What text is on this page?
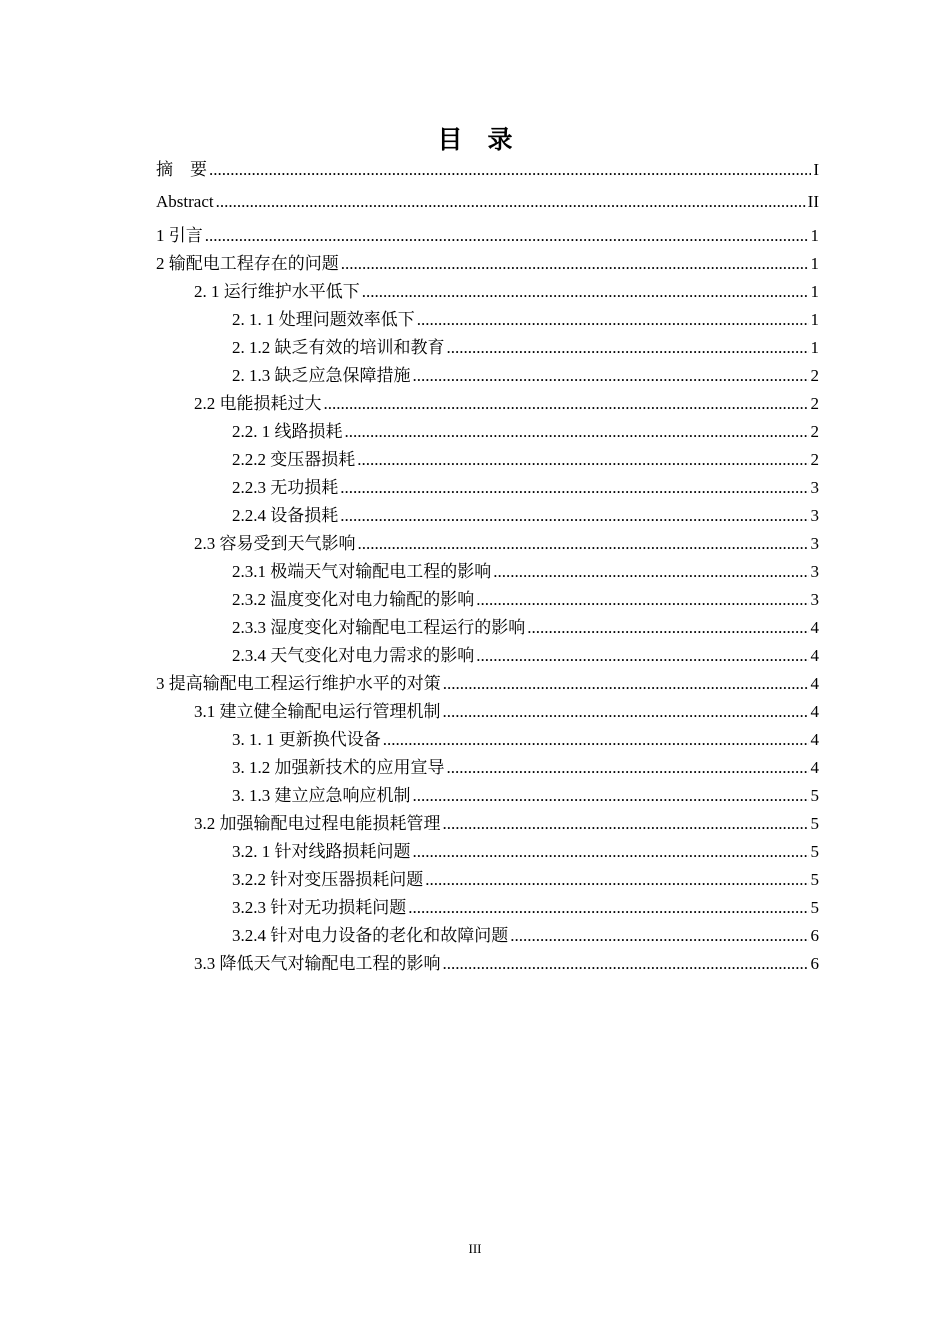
目　录
摘　要 .....	I
Abstract .....	II
1 引言 .....	1
2 输配电工程存在的问题 .....	1
2. 1 运行维护水平低下 .....	1
2. 1. 1 处理问题效率低下 .....	1
2. 1.2 缺乏有效的培训和教育 .....	1
2. 1.3 缺乏应急保障措施 .....	2
2.2 电能损耗过大 .....	2
2.2. 1 线路损耗 .....	2
2.2.2 变压器损耗 .....	2
2.2.3 无功损耗 .....	3
2.2.4 设备损耗 .....	3
2.3 容易受到天气影响 .....	3
2.3.1 极端天气对输配电工程的影响 .....	3
2.3.2 温度变化对电力输配的影响 .....	3
2.3.3 湿度变化对输配电工程运行的影响 .....	4
2.3.4 天气变化对电力需求的影响 .....	4
3 提高输配电工程运行维护水平的对策 .....	4
3.1 建立健全输配电运行管理机制 .....	4
3. 1. 1 更新换代设备 .....	4
3. 1.2 加强新技术的应用宣导 .....	4
3. 1.3 建立应急响应机制 .....	5
3.2 加强输配电过程电能损耗管理 .....	5
3.2. 1 针对线路损耗问题 .....	5
3.2.2 针对变压器损耗问题 .....	5
3.2.3 针对无功损耗问题 .....	5
3.2.4 针对电力设备的老化和故障问题 .....	6
3.3 降低天气对输配电工程的影响 .....	6
III
